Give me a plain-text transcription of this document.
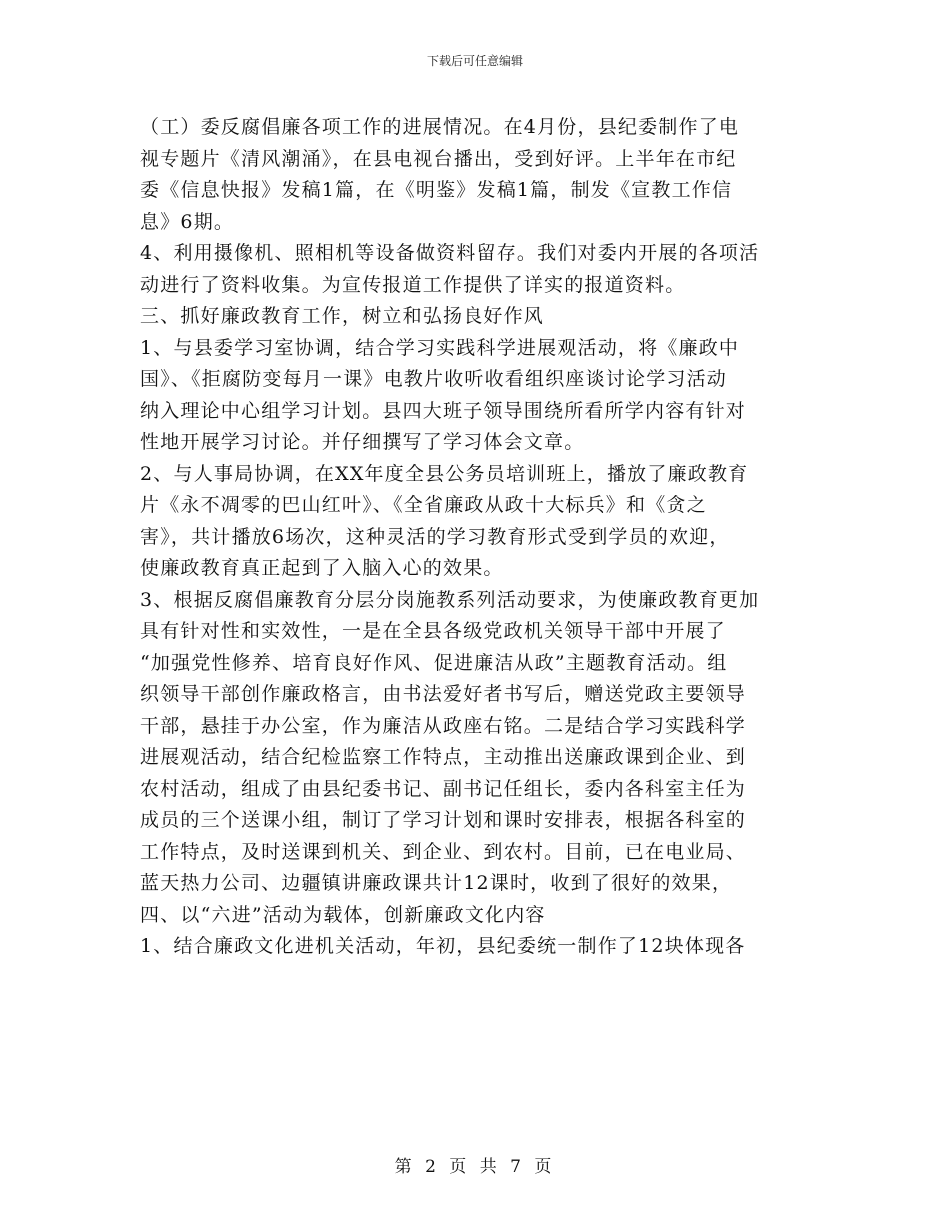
下载后可任意编辑
（工）委反腐倡廉各项工作的进展情况。在4月份，县纪委制作了电
视专题片《清风潮涌》，在县电视台播出，受到好评。上半年在市纪
委《信息快报》发稿1篇，在《明鉴》发稿1篇，制发《宣教工作信
息》6期。
4、利用摄像机、照相机等设备做资料留存。我们对委内开展的各项活
动进行了资料收集。为宣传报道工作提供了详实的报道资料。
三、抓好廉政教育工作，树立和弘扬良好作风
1、与县委学习室协调，结合学习实践科学进展观活动，将《廉政中
国》、《拒腐防变每月一课》电教片收听收看组织座谈讨论学习活动
纳入理论中心组学习计划。县四大班子领导围绕所看所学内容有针对
性地开展学习讨论。并仔细撰写了学习体会文章。
2、与人事局协调，在XX年度全县公务员培训班上，播放了廉政教育
片《永不凋零的巴山红叶》、《全省廉政从政十大标兵》和《贪之
害》，共计播放6场次，这种灵活的学习教育形式受到学员的欢迎，
使廉政教育真正起到了入脑入心的效果。
3、根据反腐倡廉教育分层分岗施教系列活动要求，为使廉政教育更加
具有针对性和实效性，一是在全县各级党政机关领导干部中开展了
“加强党性修养、培育良好作风、促进廉洁从政”主题教育活动。组
织领导干部创作廉政格言，由书法爱好者书写后，赠送党政主要领导
干部，悬挂于办公室，作为廉洁从政座右铭。二是结合学习实践科学
进展观活动，结合纪检监察工作特点，主动推出送廉政课到企业、到
农村活动，组成了由县纪委书记、副书记任组长，委内各科室主任为
成员的三个送课小组，制订了学习计划和课时安排表，根据各科室的
工作特点，及时送课到机关、到企业、到农村。目前，已在电业局、
蓝天热力公司、边疆镇讲廉政课共计12课时，收到了很好的效果，
四、以“六进”活动为载体，创新廉政文化内容
1、结合廉政文化进机关活动，年初，县纪委统一制作了12块体现各
第 2 页 共 7 页
